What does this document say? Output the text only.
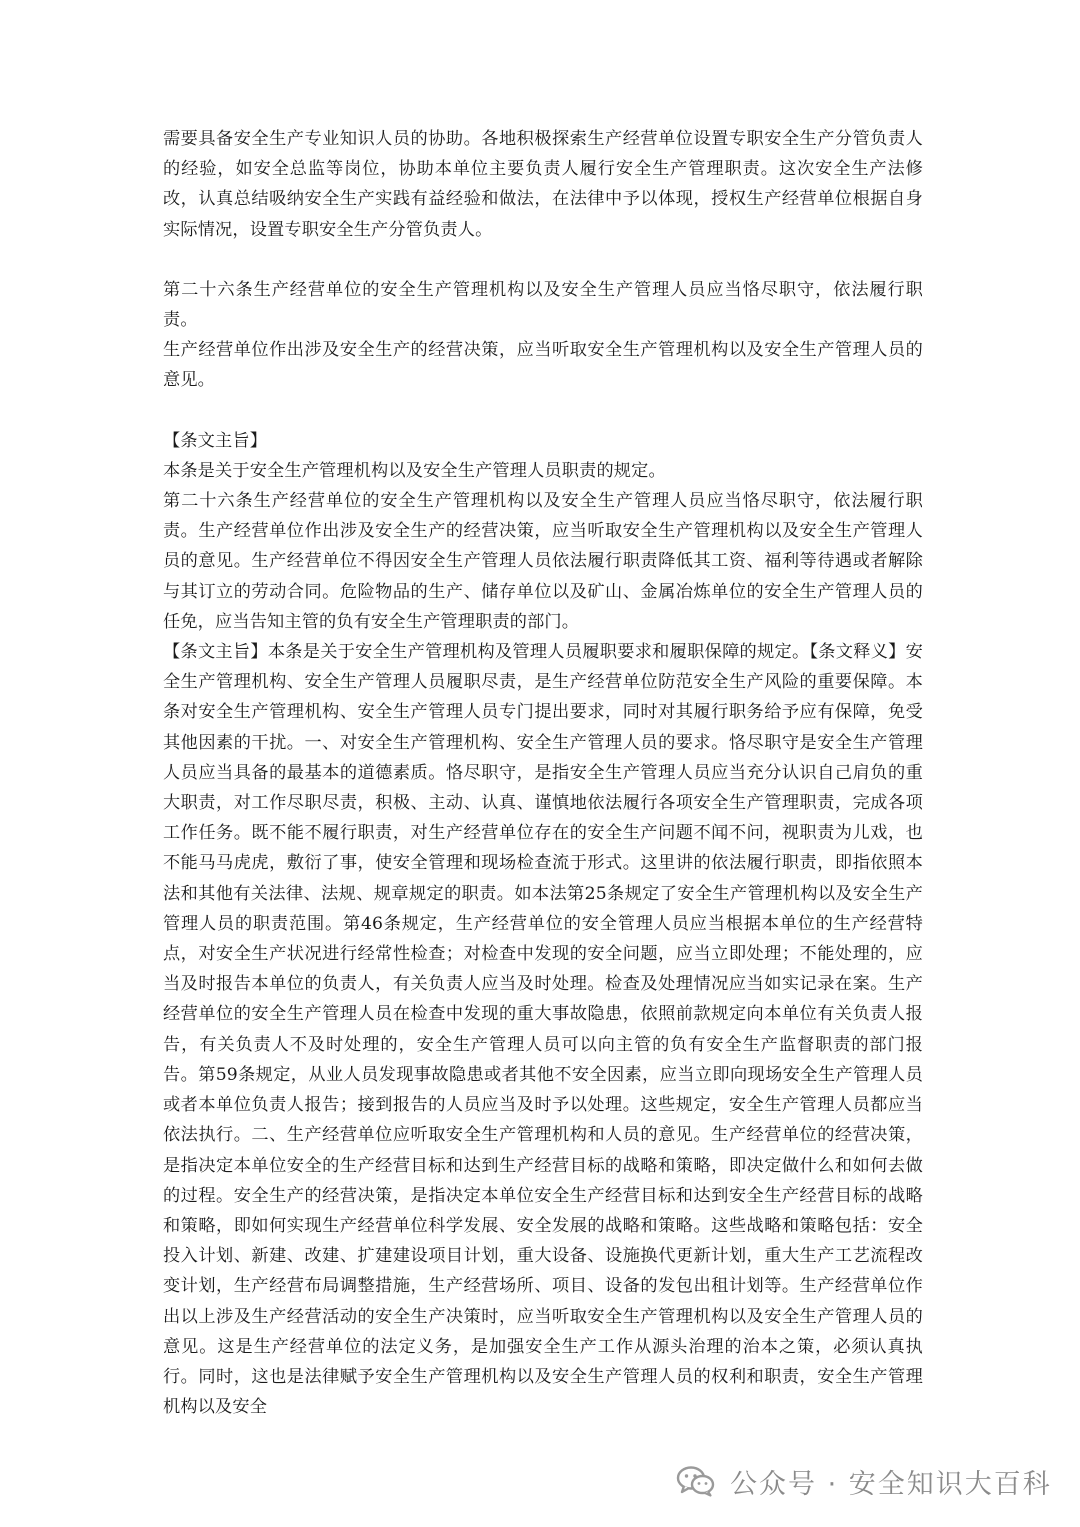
需要具备安全生产专业知识人员的协助。各地积极探索生产经营单位设置专职安全生产分管负责人的经验，如安全总监等岗位，协助本单位主要负责人履行安全生产管理职责。这次安全生产法修改，认真总结吸纳安全生产实践有益经验和做法，在法律中予以体现，授权生产经营单位根据自身实际情况，设置专职安全生产分管负责人。

第二十六条生产经营单位的安全生产管理机构以及安全生产管理人员应当恪尽职守，依法履行职责。

生产经营单位作出涉及安全生产的经营决策，应当听取安全生产管理机构以及安全生产管理人员的意见。

【条文主旨】

本条是关于安全生产管理机构以及安全生产管理人员职责的规定。

第二十六条生产经营单位的安全生产管理机构以及安全生产管理人员应当恪尽职守，依法履行职责。生产经营单位作出涉及安全生产的经营决策，应当听取安全生产管理机构以及安全生产管理人员的意见。生产经营单位不得因安全生产管理人员依法履行职责降低其工资、福利等待遇或者解除与其订立的劳动合同。危险物品的生产、储存单位以及矿山、金属冶炼单位的安全生产管理人员的任免，应当告知主管的负有安全生产管理职责的部门。

【条文主旨】本条是关于安全生产管理机构及管理人员履职要求和履职保障的规定。【条文释义】安全生产管理机构、安全生产管理人员履职尽责，是生产经营单位防范安全生产风险的重要保障。本条对安全生产管理机构、安全生产管理人员专门提出要求，同时对其履行职务给予应有保障，免受其他因素的干扰。一、对安全生产管理机构、安全生产管理人员的要求。恪尽职守是安全生产管理人员应当具备的最基本的道德素质。恪尽职守，是指安全生产管理人员应当充分认识自己肩负的重大职责，对工作尽职尽责，积极、主动、认真、谨慎地依法履行各项安全生产管理职责，完成各项工作任务。既不能不履行职责，对生产经营单位存在的安全生产问题不闻不问，视职责为儿戏，也不能马马虎虎，敷衍了事，使安全管理和现场检查流于形式。这里讲的依法履行职责，即指依照本法和其他有关法律、法规、规章规定的职责。如本法第25条规定了安全生产管理机构以及安全生产管理人员的职责范围。第46条规定，生产经营单位的安全管理人员应当根据本单位的生产经营特点，对安全生产状况进行经常性检查；对检查中发现的安全问题，应当立即处理；不能处理的，应当及时报告本单位的负责人，有关负责人应当及时处理。检查及处理情况应当如实记录在案。生产经营单位的安全生产管理人员在检查中发现的重大事故隐患，依照前款规定向本单位有关负责人报告，有关负责人不及时处理的，安全生产管理人员可以向主管的负有安全生产监督职责的部门报告。第59条规定，从业人员发现事故隐患或者其他不安全因素，应当立即向现场安全生产管理人员或者本单位负责人报告；接到报告的人员应当及时予以处理。这些规定，安全生产管理人员都应当依法执行。二、生产经营单位应听取安全生产管理机构和人员的意见。生产经营单位的经营决策，是指决定本单位安全的生产经营目标和达到生产经营目标的战略和策略，即决定做什么和如何去做的过程。安全生产的经营决策，是指决定本单位安全生产经营目标和达到安全生产经营目标的战略和策略，即如何实现生产经营单位科学发展、安全发展的战略和策略。这些战略和策略包括：安全投入计划、新建、改建、扩建建设项目计划，重大设备、设施换代更新计划，重大生产工艺流程改变计划，生产经营布局调整措施，生产经营场所、项目、设备的发包出租计划等。生产经营单位作出以上涉及生产经营活动的安全生产决策时，应当听取安全生产管理机构以及安全生产管理人员的意见。这是生产经营单位的法定义务，是加强安全生产工作从源头治理的治本之策，必须认真执行。同时，这也是法律赋予安全生产管理机构以及安全生产管理人员的权利和职责，安全生产管理机构以及安全

公众号 · 安全知识大百科
